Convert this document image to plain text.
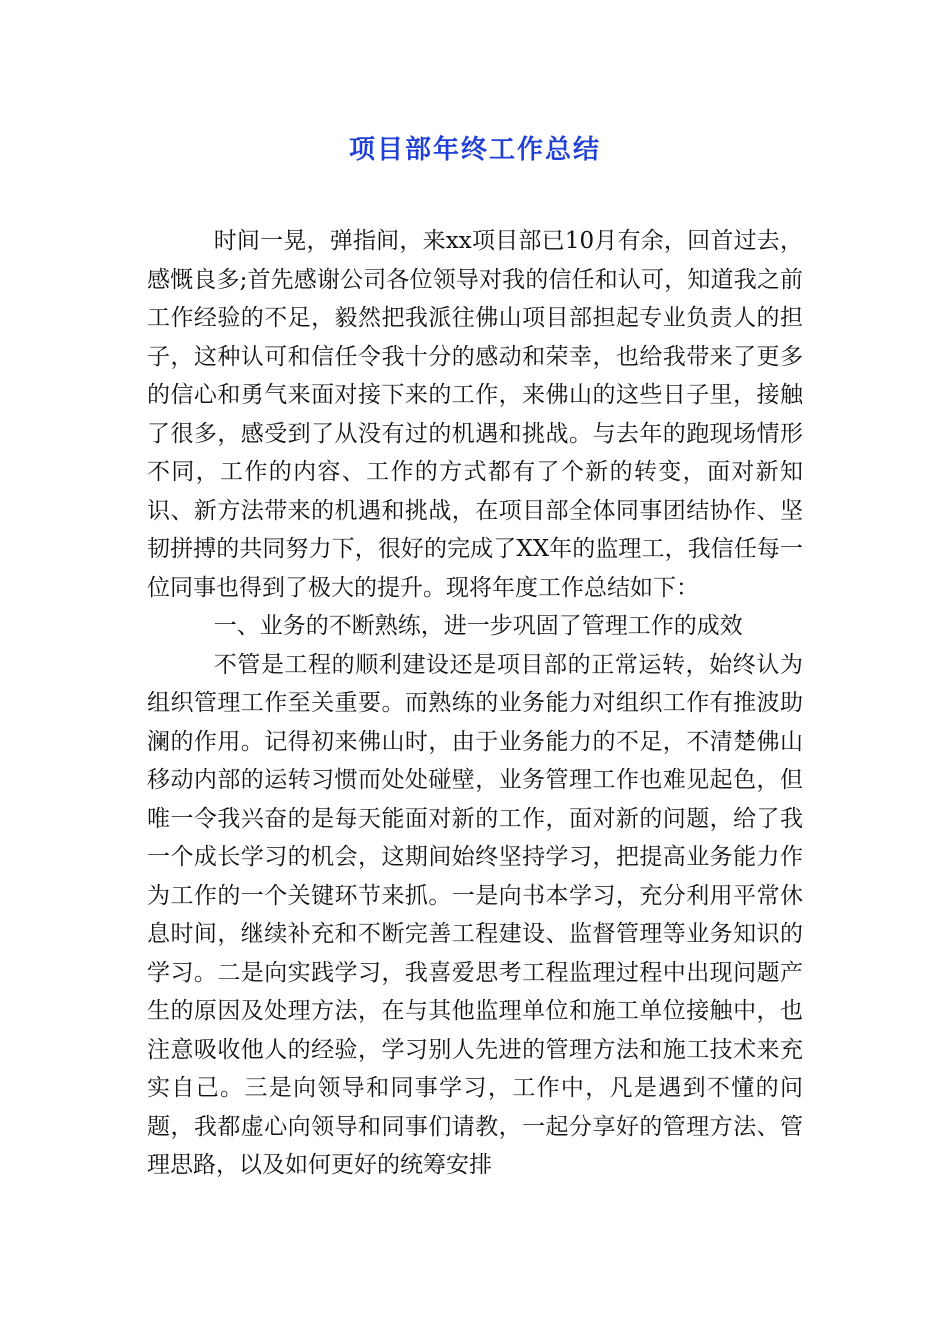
项目部年终工作总结

时间一晃，弹指间，来xx项目部已10月有余，回首过去，感慨良多;首先感谢公司各位领导对我的信任和认可，知道我之前工作经验的不足，毅然把我派往佛山项目部担起专业负责人的担子，这种认可和信任令我十分的感动和荣幸，也给我带来了更多的信心和勇气来面对接下来的工作，来佛山的这些日子里，接触了很多，感受到了从没有过的机遇和挑战。与去年的跑现场情形不同，工作的内容、工作的方式都有了个新的转变，面对新知识、新方法带来的机遇和挑战，在项目部全体同事团结协作、坚韧拼搏的共同努力下，很好的完成了XX年的监理工，我信任每一位同事也得到了极大的提升。现将年度工作总结如下：

一、业务的不断熟练，进一步巩固了管理工作的成效

不管是工程的顺利建设还是项目部的正常运转，始终认为组织管理工作至关重要。而熟练的业务能力对组织工作有推波助澜的作用。记得初来佛山时，由于业务能力的不足，不清楚佛山移动内部的运转习惯而处处碰壁，业务管理工作也难见起色，但唯一令我兴奋的是每天能面对新的工作，面对新的问题，给了我一个成长学习的机会，这期间始终坚持学习，把提高业务能力作为工作的一个关键环节来抓。一是向书本学习，充分利用平常休息时间，继续补充和不断完善工程建设、监督管理等业务知识的学习。二是向实践学习，我喜爱思考工程监理过程中出现问题产生的原因及处理方法，在与其他监理单位和施工单位接触中，也注意吸收他人的经验，学习别人先进的管理方法和施工技术来充实自己。三是向领导和同事学习，工作中，凡是遇到不懂的问题，我都虚心向领导和同事们请教，一起分享好的管理方法、管理思路，以及如何更好的统筹安排
